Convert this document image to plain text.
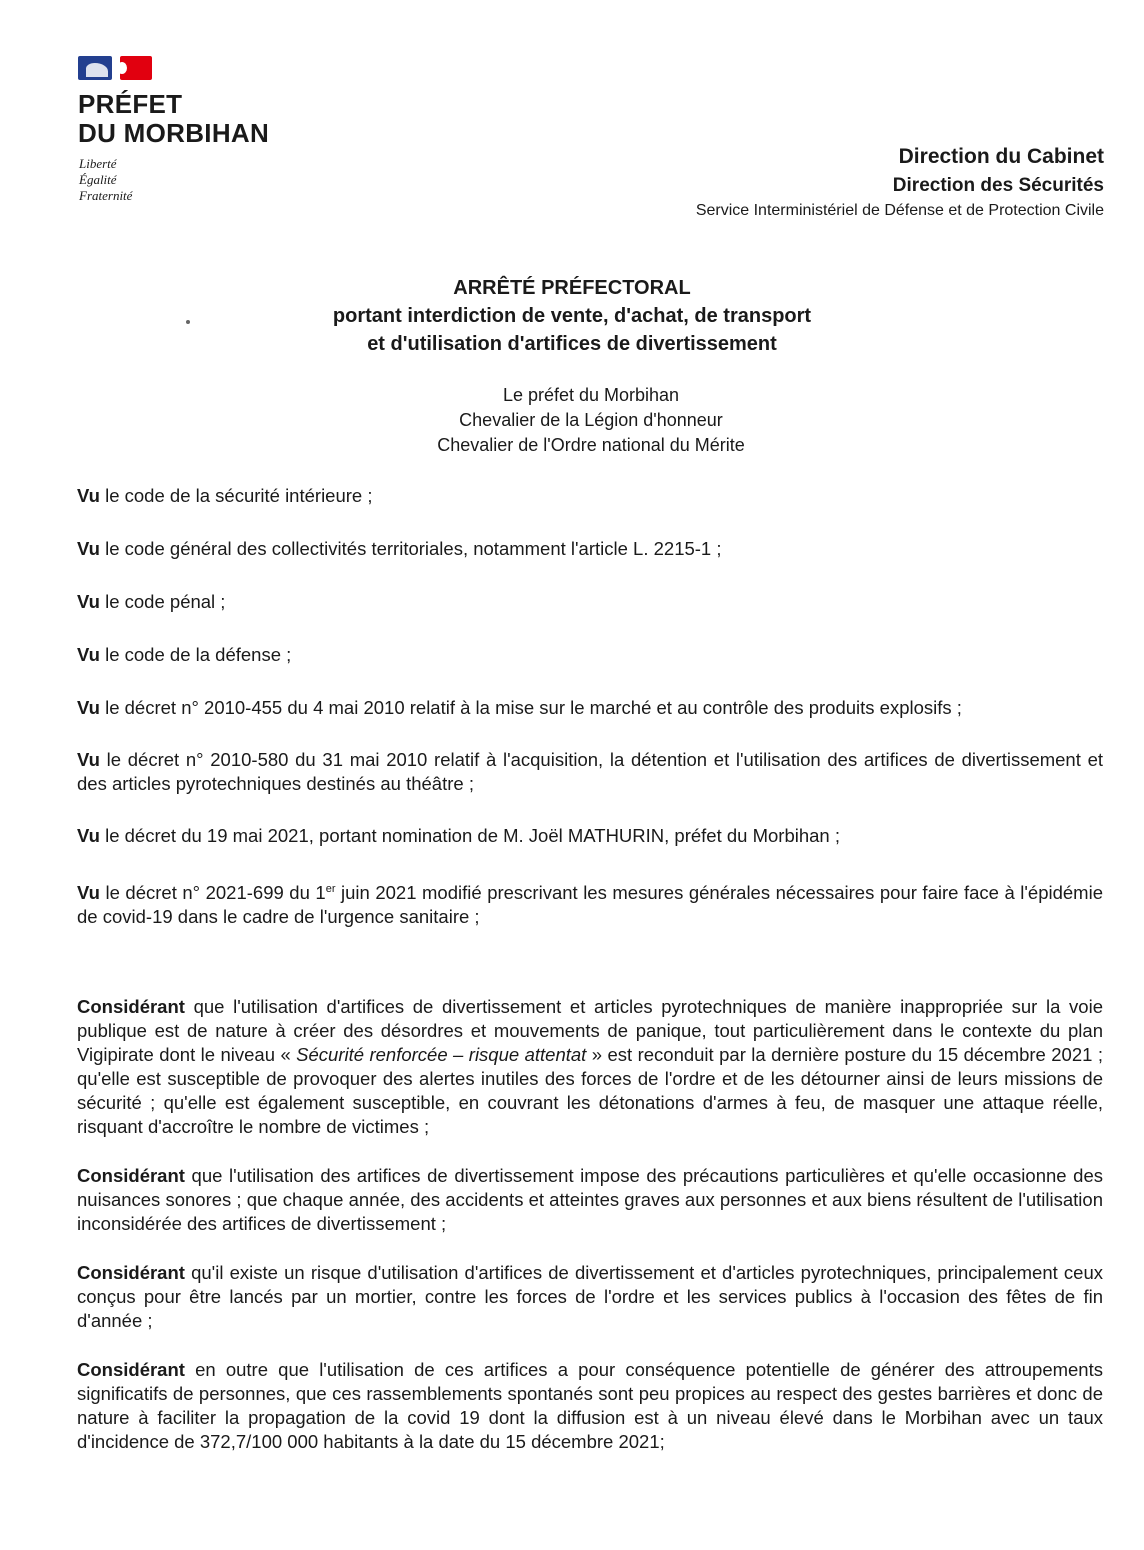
PRÉFET
DU MORBIHAN
Liberté
Égalité
Fraternité
Direction du Cabinet
Direction des Sécurités
Service Interministériel de Défense et de Protection Civile
ARRÊTÉ PRÉFECTORAL
portant interdiction de vente, d'achat, de transport
et d'utilisation d'artifices de divertissement
Le préfet du Morbihan
Chevalier de la Légion d'honneur
Chevalier de l'Ordre national du Mérite

Vu le code de la sécurité intérieure ;

Vu le code général des collectivités territoriales, notamment l'article L. 2215-1 ;

Vu le code pénal ;

Vu le code de la défense ;

Vu le décret n° 2010-455 du 4 mai 2010 relatif à la mise sur le marché et au contrôle des produits explosifs ;

Vu le décret n° 2010-580 du 31 mai 2010 relatif à l'acquisition, la détention et l'utilisation des artifices de divertissement et des articles pyrotechniques destinés au théâtre ;

Vu le décret du 19 mai 2021, portant nomination de M. Joël MATHURIN, préfet du Morbihan ;

Vu le décret n° 2021-699 du 1er juin 2021 modifié prescrivant les mesures générales nécessaires pour faire face à l'épidémie de covid-19 dans le cadre de l'urgence sanitaire ;

Considérant que l'utilisation d'artifices de divertissement et articles pyrotechniques de manière inappropriée sur la voie publique est de nature à créer des désordres et mouvements de panique, tout particulièrement dans le contexte du plan Vigipirate dont le niveau « Sécurité renforcée – risque attentat » est reconduit par la dernière posture du 15 décembre 2021 ; qu'elle est susceptible de provoquer des alertes inutiles des forces de l'ordre et de les détourner ainsi de leurs missions de sécurité ; qu'elle est également susceptible, en couvrant les détonations d'armes à feu, de masquer une attaque réelle, risquant d'accroître le nombre de victimes ;

Considérant que l'utilisation des artifices de divertissement impose des précautions particulières et qu'elle occasionne des nuisances sonores ; que chaque année, des accidents et atteintes graves aux personnes et aux biens résultent de l'utilisation inconsidérée des artifices de divertissement ;

Considérant qu'il existe un risque d'utilisation d'artifices de divertissement et d'articles pyrotechniques, principalement ceux conçus pour être lancés par un mortier, contre les forces de l'ordre et les services publics à l'occasion des fêtes de fin d'année ;

Considérant en outre que l'utilisation de ces artifices a pour conséquence potentielle de générer des attroupements significatifs de personnes, que ces rassemblements spontanés sont peu propices au respect des gestes barrières et donc de nature à faciliter la propagation de la covid 19 dont la diffusion est à un niveau élevé dans le Morbihan avec un taux d'incidence de 372,7/100 000 habitants à la date du 15 décembre 2021;
